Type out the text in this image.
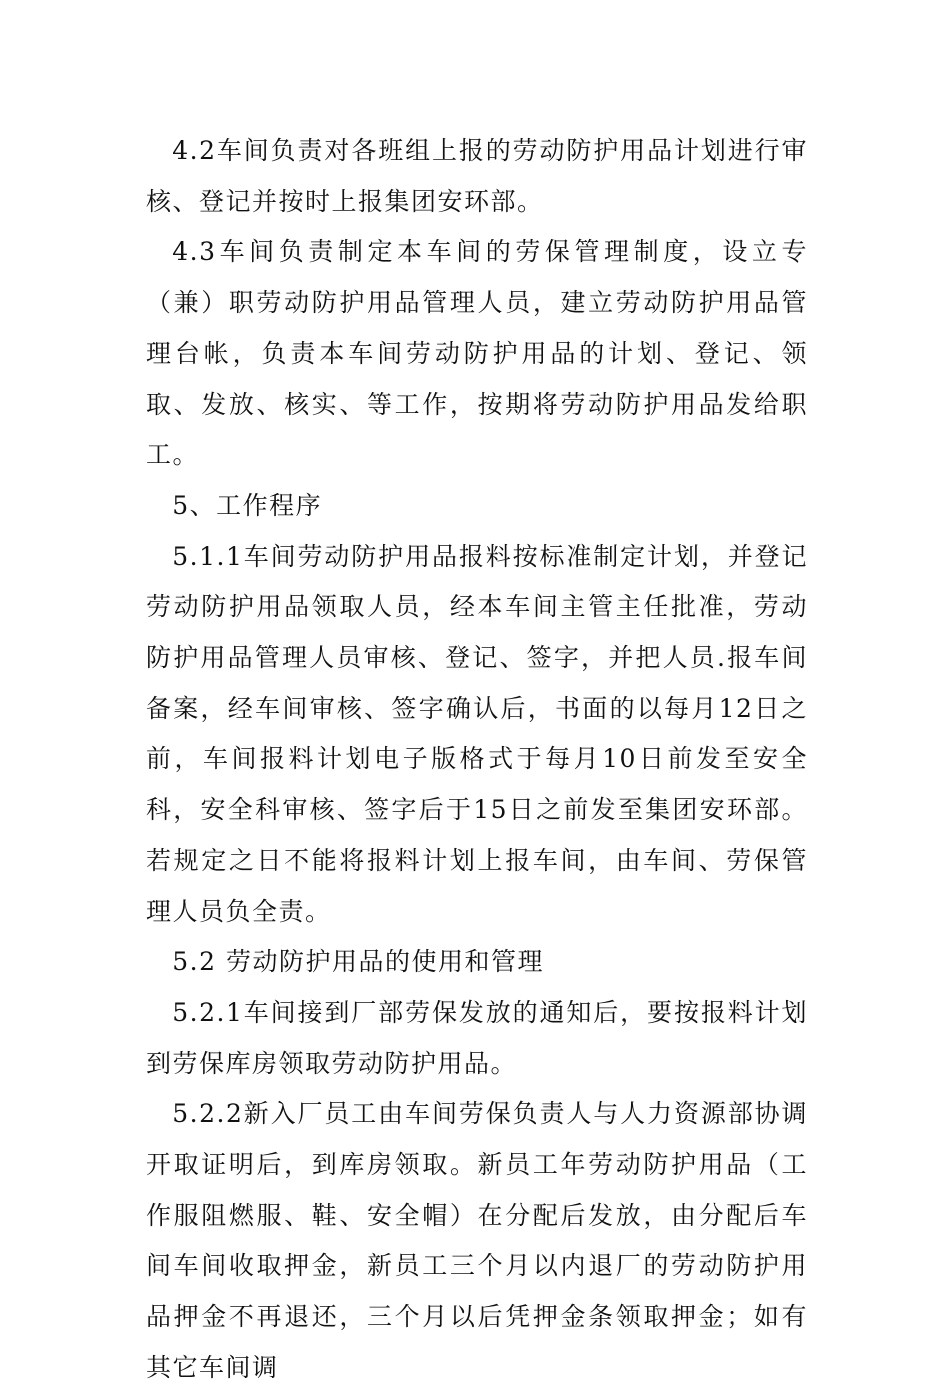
4.2车间负责对各班组上报的劳动防护用品计划进行审核、登记并按时上报集团安环部。

4.3车间负责制定本车间的劳保管理制度，设立专（兼）职劳动防护用品管理人员，建立劳动防护用品管理台帐，负责本车间劳动防护用品的计划、登记、领取、发放、核实、等工作，按期将劳动防护用品发给职工。

5、工作程序

5.1.1车间劳动防护用品报料按标准制定计划，并登记劳动防护用品领取人员，经本车间主管主任批准，劳动防护用品管理人员审核、登记、签字，并把人员.报车间备案，经车间审核、签字确认后，书面的以每月12日之前，车间报料计划电子版格式于每月10日前发至安全科，安全科审核、签字后于15日之前发至集团安环部。若规定之日不能将报料计划上报车间，由车间、劳保管理人员负全责。

5.2 劳动防护用品的使用和管理

5.2.1车间接到厂部劳保发放的通知后，要按报料计划到劳保库房领取劳动防护用品。

5.2.2新入厂员工由车间劳保负责人与人力资源部协调开取证明后，到库房领取。新员工年劳动防护用品（工作服阻燃服、鞋、安全帽）在分配后发放，由分配后车间车间收取押金，新员工三个月以内退厂的劳动防护用品押金不再退还，三个月以后凭押金条领取押金；如有其它车间调
